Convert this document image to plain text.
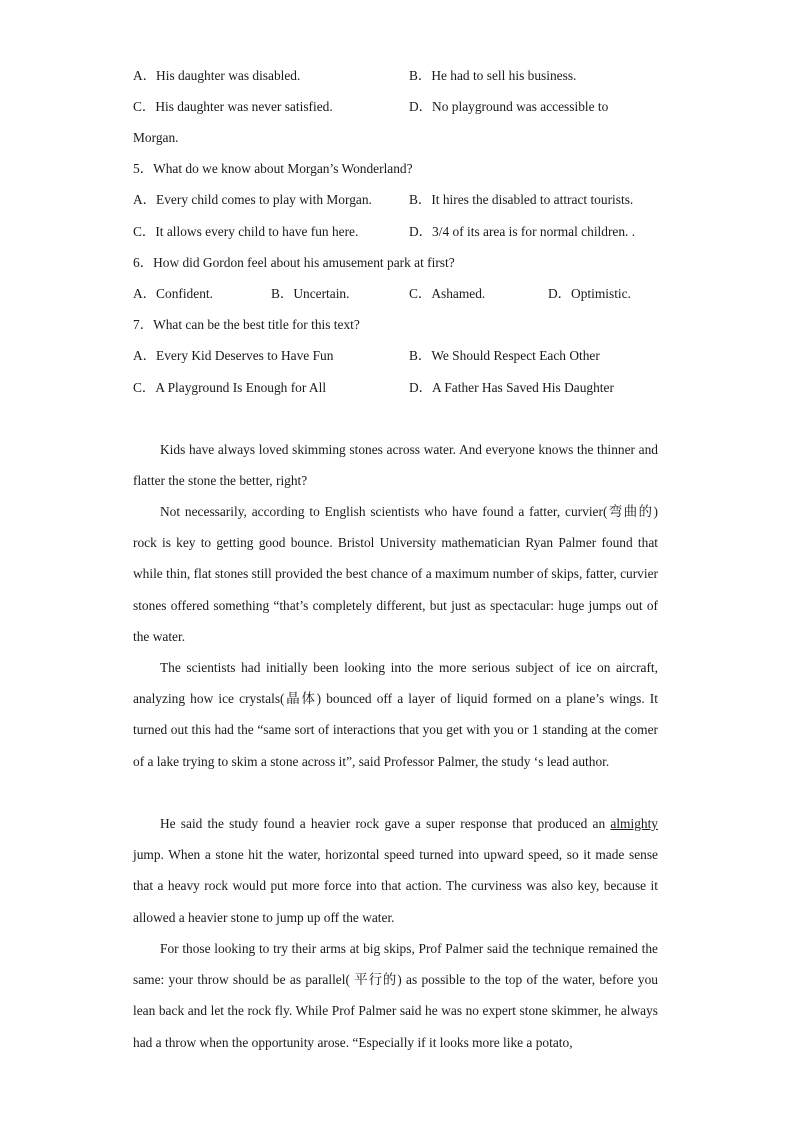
A．His daughter was disabled.	B．He had to sell his business.
C．His daughter was never satisfied.	D．No playground was accessible to
Morgan.
5．What do we know about Morgan’s Wonderland?
A．Every child comes to play with Morgan.	B．It hires the disabled to attract tourists.
C．It allows every child to have fun here.	D．3/4 of its area is for normal children. .
6．How did Gordon feel about his amusement park at first?
A．Confident.	B．Uncertain.	C．Ashamed.	D．Optimistic.
7．What can be the best title for this text?
A．Every Kid Deserves to Have Fun	B．We Should Respect Each Other
C．A Playground Is Enough for All	D．A Father Has Saved His Daughter
Kids have always loved skimming stones across water. And everyone knows the thinner and flatter the stone the better, right?
Not necessarily, according to English scientists who have found a fatter, curvier(弯曲的) rock is key to getting good bounce. Bristol University mathematician Ryan Palmer found that while thin, flat stones still provided the best chance of a maximum number of skips, fatter, curvier stones offered something “that’s completely different, but just as spectacular: huge jumps out of the water.
The scientists had initially been looking into the more serious subject of ice on aircraft, analyzing how ice crystals(晶体) bounced off a layer of liquid formed on a plane’s wings. It turned out this had the “same sort of interactions that you get with you or 1 standing at the comer of a lake trying to skim a stone across it”, said Professor Palmer, the study ‘s lead author.
He said the study found a heavier rock gave a super response that produced an almighty jump. When a stone hit the water, horizontal speed turned into upward speed, so it made sense that a heavy rock would put more force into that action. The curviness was also key, because it allowed a heavier stone to jump up off the water.
For those looking to try their arms at big skips, Prof Palmer said the technique remained the same: your throw should be as parallel( 平行的) as possible to the top of the water, before you lean back and let the rock fly. While Prof Palmer said he was no expert stone skimmer, he always had a throw when the opportunity arose. “Especially if it looks more like a potato,
